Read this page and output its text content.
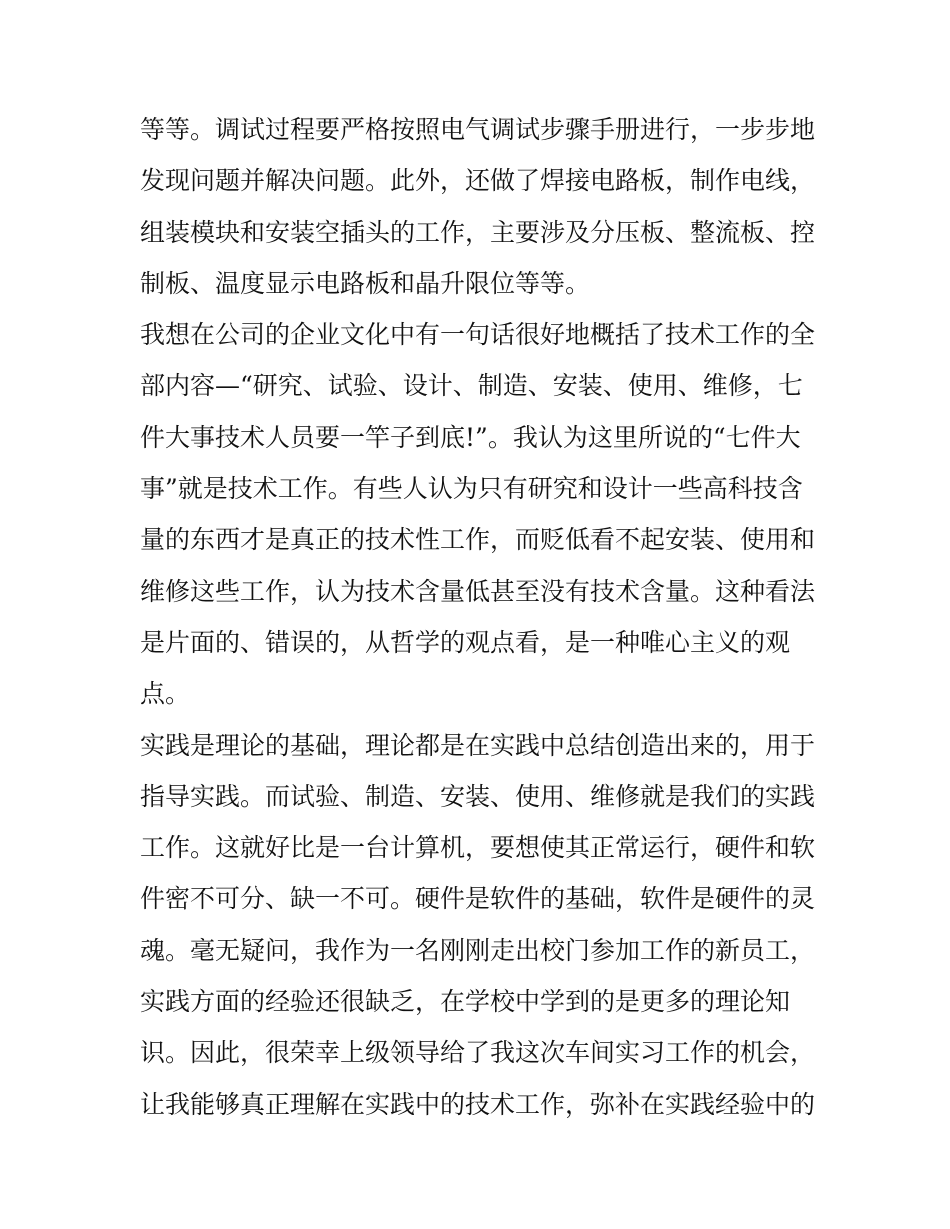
等等。调试过程要严格按照电气调试步骤手册进行，一步步地
发现问题并解决问题。此外，还做了焊接电路板，制作电线，
组装模块和安装空插头的工作，主要涉及分压板、整流板、控
制板、温度显示电路板和晶升限位等等。
我想在公司的企业文化中有一句话很好地概括了技术工作的全
部内容—“研究、试验、设计、制造、安装、使用、维修，七
件大事技术人员要一竿子到底!”。我认为这里所说的“七件大
事”就是技术工作。有些人认为只有研究和设计一些高科技含
量的东西才是真正的技术性工作，而贬低看不起安装、使用和
维修这些工作，认为技术含量低甚至没有技术含量。这种看法
是片面的、错误的，从哲学的观点看，是一种唯心主义的观
点。
实践是理论的基础，理论都是在实践中总结创造出来的，用于
指导实践。而试验、制造、安装、使用、维修就是我们的实践
工作。这就好比是一台计算机，要想使其正常运行，硬件和软
件密不可分、缺一不可。硬件是软件的基础，软件是硬件的灵
魂。毫无疑问，我作为一名刚刚走出校门参加工作的新员工，
实践方面的经验还很缺乏，在学校中学到的是更多的理论知
识。因此，很荣幸上级领导给了我这次车间实习工作的机会，
让我能够真正理解在实践中的技术工作，弥补在实践经验中的
